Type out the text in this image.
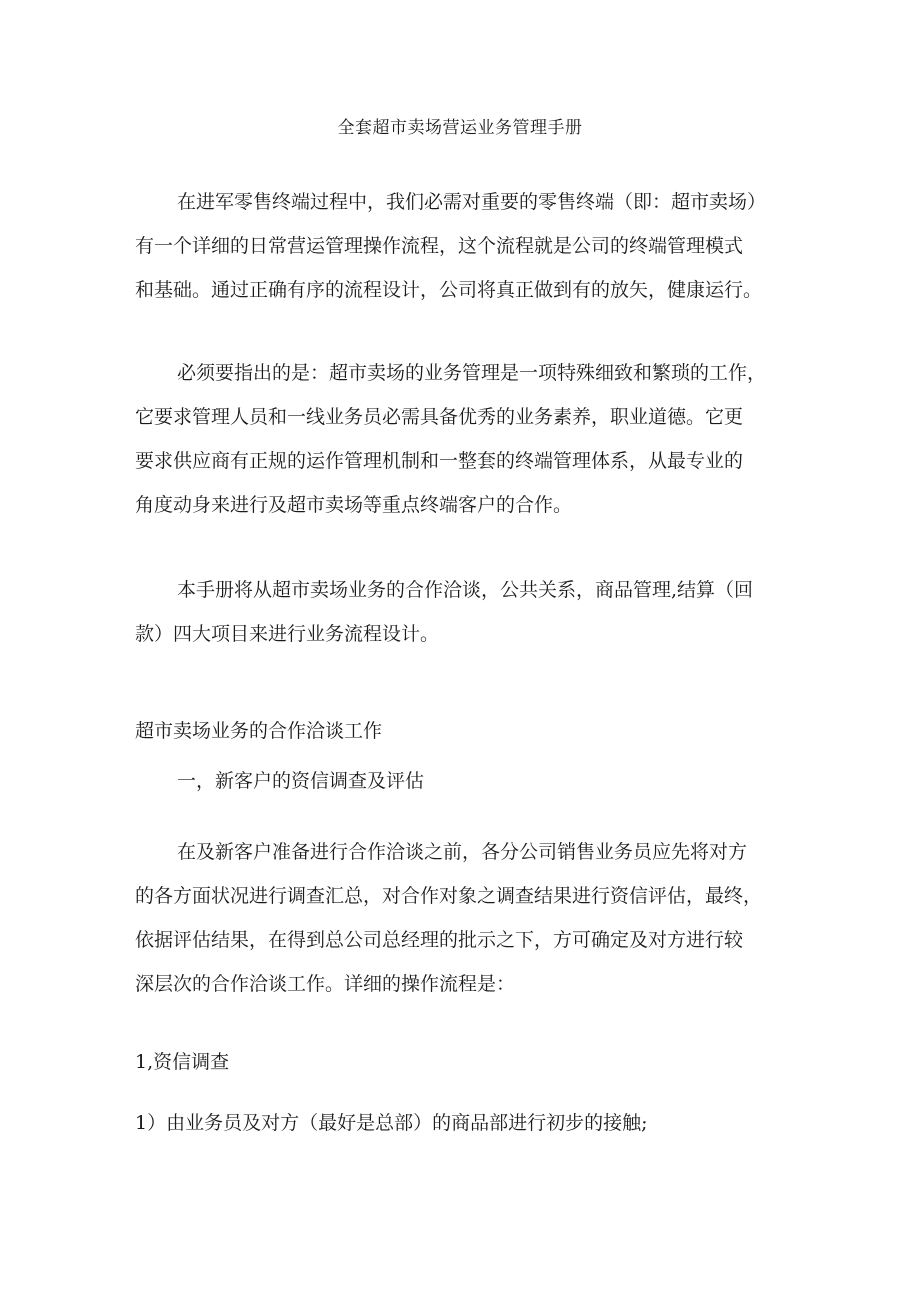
全套超市卖场营运业务管理手册
在进军零售终端过程中，我们必需对重要的零售终端（即：超市卖场）
有一个详细的日常营运管理操作流程，这个流程就是公司的终端管理模式
和基础。通过正确有序的流程设计，公司将真正做到有的放矢，健康运行。
必须要指出的是：超市卖场的业务管理是一项特殊细致和繁琐的工作，
它要求管理人员和一线业务员必需具备优秀的业务素养，职业道德。它更
要求供应商有正规的运作管理机制和一整套的终端管理体系，从最专业的
角度动身来进行及超市卖场等重点终端客户的合作。
本手册将从超市卖场业务的合作洽谈，公共关系，商品管理,结算（回
款）四大项目来进行业务流程设计。
超市卖场业务的合作洽谈工作
一，新客户的资信调查及评估
在及新客户准备进行合作洽谈之前，各分公司销售业务员应先将对方
的各方面状况进行调查汇总，对合作对象之调查结果进行资信评估，最终，
依据评估结果，在得到总公司总经理的批示之下，方可确定及对方进行较
深层次的合作洽谈工作。详细的操作流程是：
1,资信调查
1）由业务员及对方（最好是总部）的商品部进行初步的接触;
